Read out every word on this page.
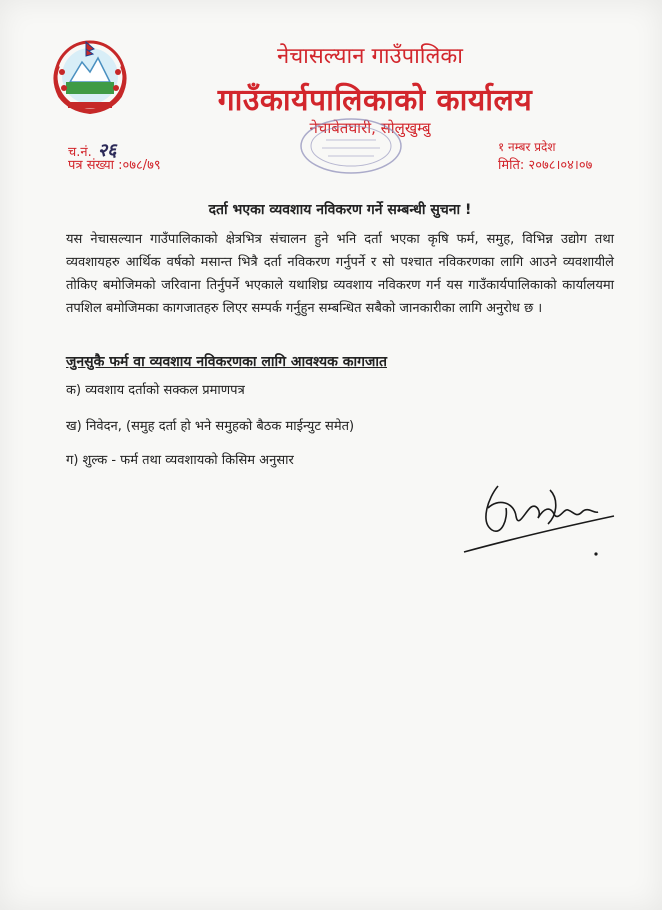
नेचासल्यान गाउँपालिका
गाउँकार्यपालिकाको कार्यालय
नेचाबेतघारी, सोलुखुम्बु
च.नं. २६
पत्र संख्या :०७८/७९
१ नम्बर प्रदेश
मिति: २०७८।०४।०७
दर्ता भएका व्यवशाय नविकरण गर्ने सम्बन्धी सुचना !
यस नेचासल्यान गाउँपालिकाको क्षेत्रभित्र संचालन हुने भनि दर्ता भएका कृषि फर्म, समुह, विभिन्न उद्योग तथा व्यवशायहरु आर्थिक वर्षको मसान्त भित्रै दर्ता नविकरण गर्नुपर्ने र सो पश्चात नविकरणका लागि आउने व्यवशायीले तोकिए बमोजिमको जरिवाना तिर्नुपर्ने भएकाले यथाशिघ्र व्यवशाय नविकरण गर्न यस गाउँकार्यपालिकाको कार्यालयमा तपशिल बमोजिमका कागजातहरु लिएर सम्पर्क गर्नुहुन सम्बन्धित सबैको जानकारीका लागि अनुरोध छ ।
जुनसुकै फर्म वा व्यवशाय नविकरणका लागि आवश्यक कागजात
क) व्यवशाय दर्ताको सक्कल प्रमाणपत्र
ख) निवेदन, (समुह दर्ता हो भने समुहको बैठक माईन्युट समेत)
ग) शुल्क - फर्म तथा व्यवशायको किसिम अनुसार
